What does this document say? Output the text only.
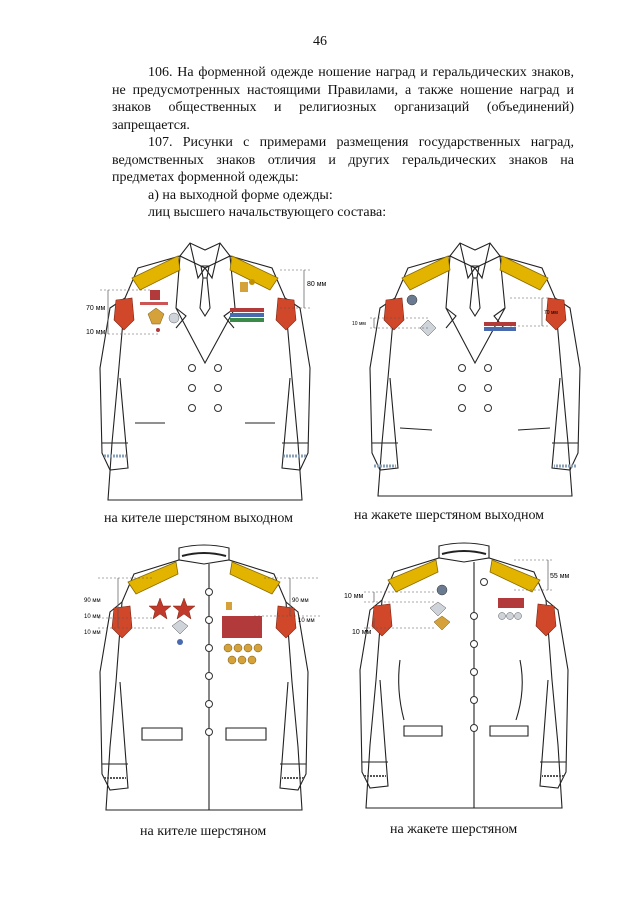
46

106. На форменной одежде ношение наград и геральдических знаков, не предусмотренных настоящими Правилами, а также ношение наград и знаков общественных и религиозных организаций (объединений) запрещается.

107. Рисунки с примерами размещения государственных наград, ведомственных знаков отличия и других геральдических знаков на предметах форменной одежды:

а) на выходной форме одежды:

лиц высшего начальствующего состава:

70 мм
10 мм
80 мм
на кителе шерстяном выходном
10 мм
70 мм
на жакете шерстяном выходном
90 мм
10 мм
10 мм
90 мм
10 мм
на кителе шерстяном
10 мм
10 мм
55 мм
на жакете шерстяном
